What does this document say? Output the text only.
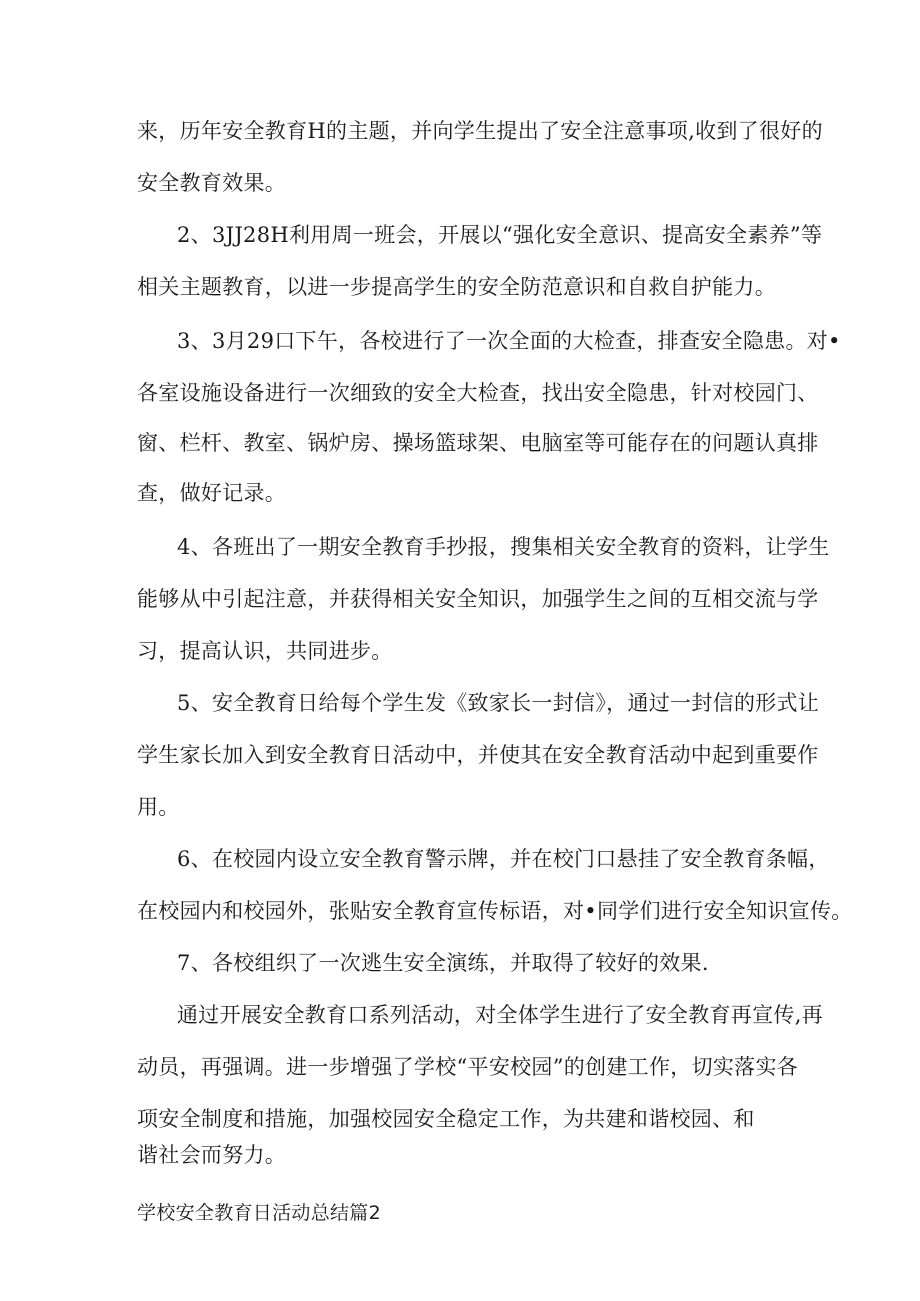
来，历年安全教育H的主题，并向学生提出了安全注意事项,收到了很好的
安全教育效果。
2、3JJ28H利用周一班会，开展以“强化安全意识、提高安全素养”等
相关主题教育，以进一步提高学生的安全防范意识和自救自护能力。
3、3月29口下午，各校进行了一次全面的大检查，排查安全隐患。对•
各室设施设备进行一次细致的安全大检查，找出安全隐患，针对校园门、
窗、栏杆、教室、锅炉房、操场篮球架、电脑室等可能存在的问题认真排
查，做好记录。
4、各班出了一期安全教育手抄报，搜集相关安全教育的资料，让学生
能够从中引起注意，并获得相关安全知识，加强学生之间的互相交流与学
习，提高认识，共同进步。
5、安全教育日给每个学生发《致家长一封信》，通过一封信的形式让
学生家长加入到安全教育日活动中，并使其在安全教育活动中起到重要作
用。
6、在校园内设立安全教育警示牌，并在校门口悬挂了安全教育条幅，
在校园内和校园外，张贴安全教育宣传标语，对•同学们进行安全知识宣传。
7、各校组织了一次逃生安全演练，并取得了较好的效果.
通过开展安全教育口系列活动，对全体学生进行了安全教育再宣传,再
动员，再强调。进一步增强了学校“平安校园”的创建工作，切实落实各
项安全制度和措施，加强校园安全稳定工作，为共建和谐校园、和
谐社会而努力。
学校安全教育日活动总结篇2
